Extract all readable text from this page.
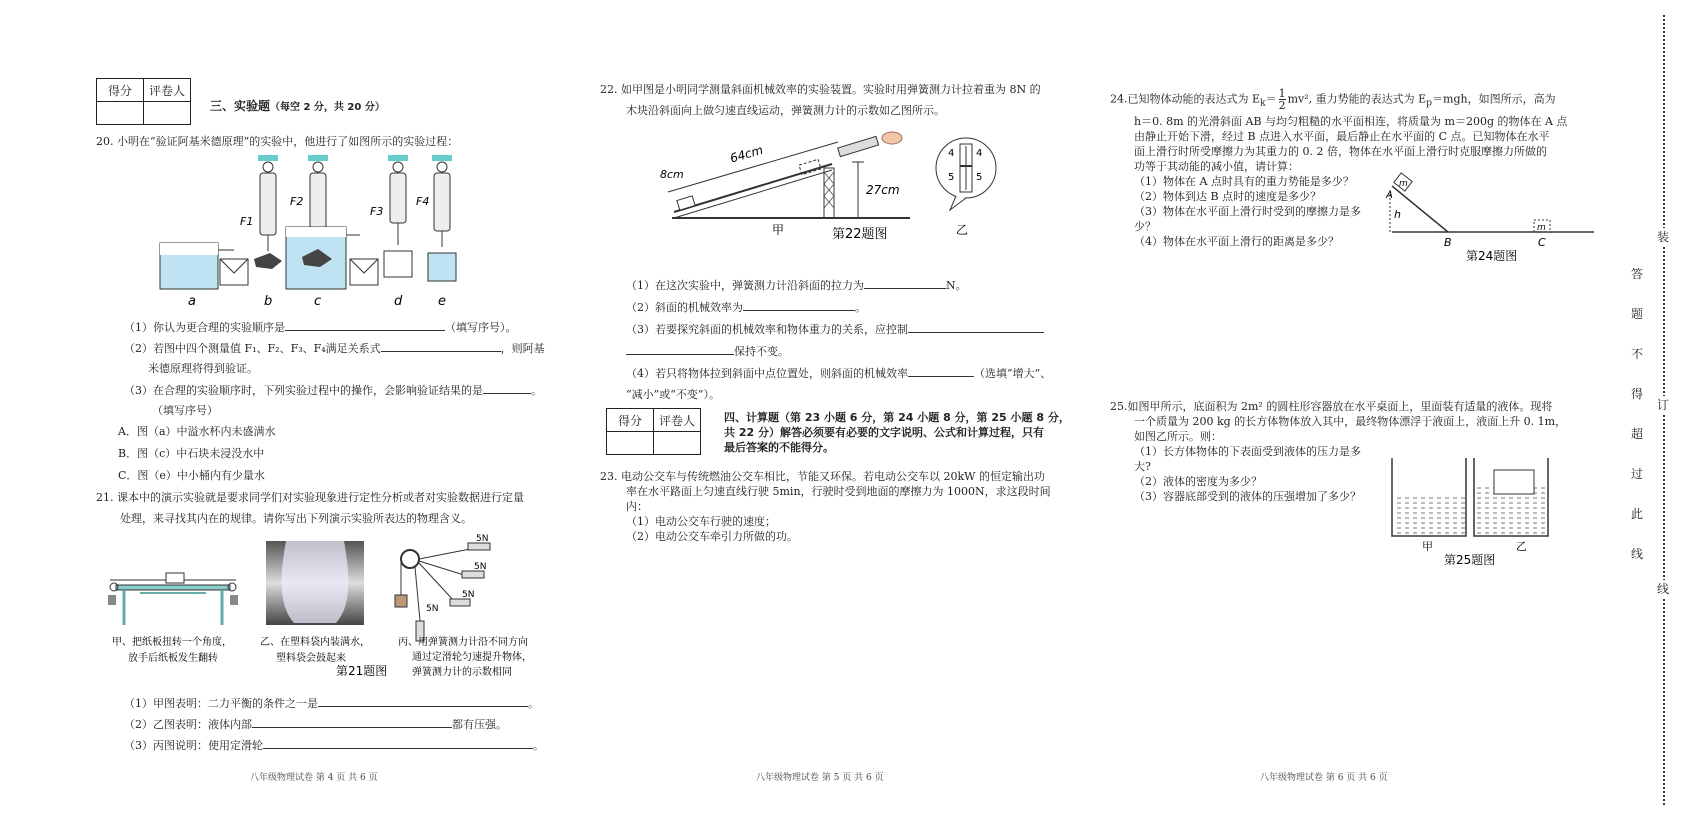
得分	评卷人

三、实验题（每空 2 分，共 20 分）
20. 小明在“验证阿基米德原理”的实验中，他进行了如图所示的实验过程：
F1
F2
F3
F4
a	b	c	d	e
（1）你认为更合理的实验顺序是	（填写序号）。
（2）若图中四个测量值 F₁、F₂、F₃、F₄满足关系式	，则阿基
米德原理将得到验证。
（3）在合理的实验顺序时，下列实验过程中的操作，会影响验证结果的是	。
（填写序号）
A．图（a）中溢水杯内未盛满水
B．图（c）中石块未浸没水中
C．图（e）中小桶内有少量水
21. 课本中的演示实验就是要求同学们对实验现象进行定性分析或者对实验数据进行定量
处理，来寻找其内在的规律。请你写出下列演示实验所表达的物理含义。
5N
5N
5N
5N
甲、把纸板扭转一个角度，
放手后纸板发生翻转
乙、在塑料袋内装满水，
塑料袋会鼓起来
第21题图
丙、用弹簧测力计沿不同方向
通过定滑轮匀速提升物体，
弹簧测力计的示数相同
（1）甲图表明：二力平衡的条件之一是	。
（2）乙图表明：液体内部	都有压强。
（3）丙图说明：使用定滑轮	。
八年级物理试卷 第 4 页 共 6 页
22. 如甲图是小明同学测量斜面机械效率的实验装置。实验时用弹簧测力计拉着重为 8N 的
木块沿斜面向上做匀速直线运动，弹簧测力计的示数如乙图所示。
27cm
64cm
8cm
甲	第22题图
4
5
4
5
乙
（1）在这次实验中，弹簧测力计沿斜面的拉力为	N。
（2）斜面的机械效率为	。
（3）若要探究斜面的机械效率和物体重力的关系，应控制
保持不变。
（4）若只将物体拉到斜面中点位置处，则斜面的机械效率	（选填“增大”、
“减小”或“不变”）。
得分	评卷人
		四、计算题（第 23 小题 6 分，第 24 小题 8 分，第 25 小题 8 分，
共 22 分）解答必须要有必要的文字说明、公式和计算过程，只有
最后答案的不能得分。
23. 电动公交车与传统燃油公交车相比，节能又环保。若电动公交车以 20kW 的恒定输出功
率在水平路面上匀速直线行驶 5min，行驶时受到地面的摩擦力为 1000N，求这段时间
内：
（1）电动公交车行驶的速度；
（2）电动公交车牵引力所做的功。
八年级物理试卷 第 5 页 共 6 页
24.已知物体动能的表达式为 $E_k= \frac{1}{2} mv^2$, 重力势能的表达式为 $E_p=mgh$，如图所示，高为
h＝0. 8m 的光滑斜面 AB 与均匀粗糙的水平面相连，将质量为 m＝200g 的物体在 A 点
由静止开始下滑，经过 B 点进入水平面，最后静止在水平面的 C 点。已知物体在水平
面上滑行时所受摩擦力为其重力的 0. 2 倍，物体在水平面上滑行时克服摩擦力所做的
功等于其动能的减小值，请计算：
（1）物体在 A 点时具有的重力势能是多少？
（2）物体到达 B 点时的速度是多少？
（3）物体在水平面上滑行时受到的摩擦力是多
少？
（4）物体在水平面上滑行的距离是多少？
m
A
h
B
m
C
第24题图
25.如图甲所示，底面积为 2m² 的圆柱形容器放在水平桌面上，里面装有适量的液体。现将
一个质量为 200 kg 的长方体物体放入其中，最终物体漂浮于液面上，液面上升 0. 1m，
如图乙所示。则：
（1）长方体物体的下表面受到液体的压力是多
大?
（2）液体的密度为多少？
（3）容器底部受到的液体的压强增加了多少？
甲	乙
第25题图
八年级物理试卷 第 6 页 共 6 页
装
订
线
答
题
不
得
超
过
此
线
